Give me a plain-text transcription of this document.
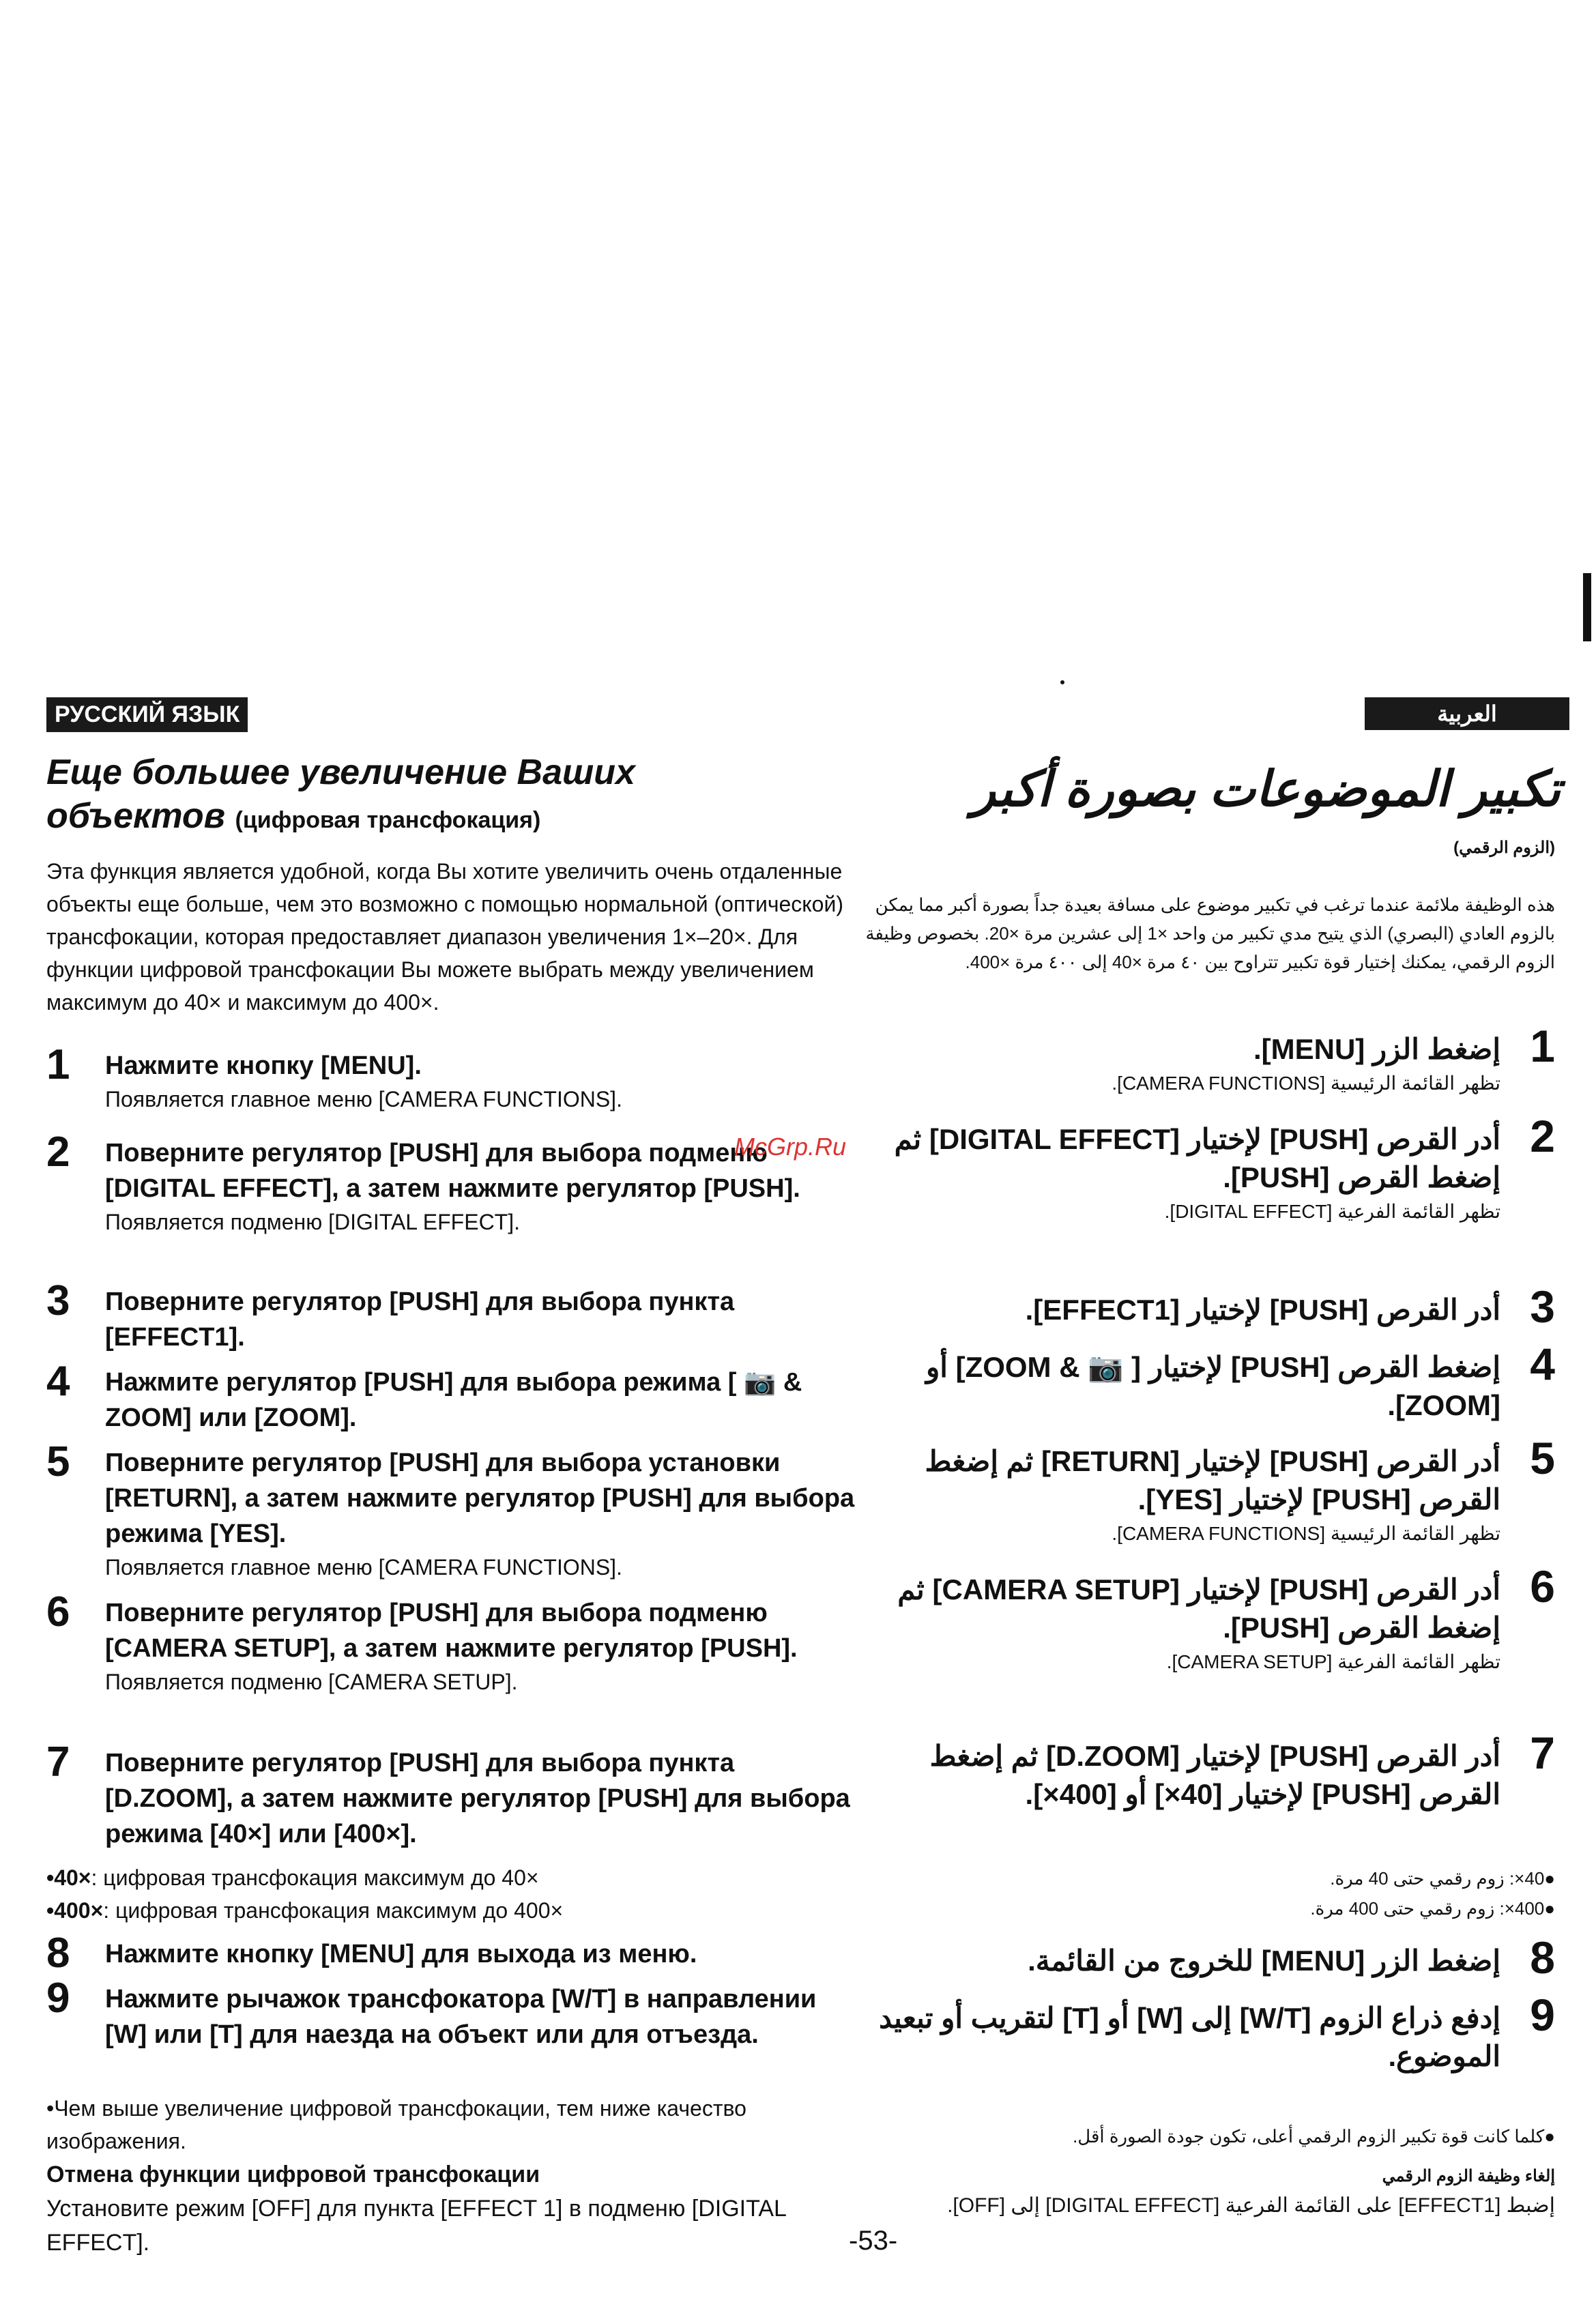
РУССКИЙ ЯЗЫК
Еще большее увеличение Ваших
объектов (цифровая трансфокация)
Эта функция является удобной, когда Вы хотите увеличить очень отдаленные объекты еще больше, чем это возможно с помощью нормальной (оптической) трансфокации, которая предоставляет диапазон увеличения 1×–20×. Для функции цифровой трансфокации Вы можете выбрать между увеличением максимум до 40× и максимум до 400×.
1 Нажмите кнопку [MENU].
Появляется главное меню [CAMERA FUNCTIONS].
2 Поверните регулятор [PUSH] для выбора подменю [DIGITAL EFFECT], а затем нажмите регулятор [PUSH].
Появляется подменю [DIGITAL EFFECT].
3 Поверните регулятор [PUSH] для выбора пункта [EFFECT1].
4 Нажмите регулятор [PUSH] для выбора режима [ 📷 & ZOOM] или [ZOOM].
5 Поверните регулятор [PUSH] для выбора установки [RETURN], а затем нажмите регулятор [PUSH] для выбора режима [YES].
Появляется главное меню [CAMERA FUNCTIONS].
6 Поверните регулятор [PUSH] для выбора подменю [CAMERA SETUP], а затем нажмите регулятор [PUSH].
Появляется подменю [CAMERA SETUP].
7 Поверните регулятор [PUSH] для выбора пункта [D.ZOOM], а затем нажмите регулятор [PUSH] для выбора режима [40×] или [400×].
•40×: цифровая трансфокация максимум до 40×
•400×: цифровая трансфокация максимум до 400×
8 Нажмите кнопку [MENU] для выхода из меню.
9 Нажмите рычажок трансфокатора [W/T] в направлении [W] или [T] для наезда на объект или для отъезда.
•Чем выше увеличение цифровой трансфокации, тем ниже качество изображения.
Отмена функции цифровой трансфокации
Установите режим [OFF] для пункта [EFFECT 1] в подменю [DIGITAL EFFECT].
McGrp.Ru
-53-
العربية
تكبير الموضوعات بصورة أكبر
(الزوم الرقمي)
هذه الوظيفة ملائمة عندما ترغب في تكبير موضوع على مسافة بعيدة جداً بصورة أكبر مما يمكن بالزوم العادي (البصري) الذي يتيح مدي تكبير من واحد ×1 إلى عشرين مرة ×20. بخصوص وظيفة الزوم الرقمي، يمكنك إختيار قوة تكبير تتراوح بين ٤٠ مرة ×40 إلى ٤٠٠ مرة ×400.
1
إضغط الزر [MENU].
تظهر القائمة الرئيسية [CAMERA FUNCTIONS].
2
أدر القرص [PUSH] لإختيار [DIGITAL EFFECT] ثم إضغط القرص [PUSH].
تظهر القائمة الفرعية [DIGITAL EFFECT].
3
أدر القرص [PUSH] لإختيار [EFFECT1].
4
إضغط القرص [PUSH] لإختيار [ 📷 & ZOOM] أو [ZOOM].
5
أدر القرص [PUSH] لإختيار [RETURN] ثم إضغط القرص [PUSH] لإختيار [YES].
تظهر القائمة الرئيسية [CAMERA FUNCTIONS].
6
أدر القرص [PUSH] لإختيار [CAMERA SETUP] ثم إضغط القرص [PUSH].
تظهر القائمة الفرعية [CAMERA SETUP].
7
أدر القرص [PUSH] لإختيار [D.ZOOM] ثم إضغط القرص [PUSH] لإختيار [40×] أو [400×].
●40×: زوم رقمي حتى 40 مرة.
●400×: زوم رقمي حتى 400 مرة.
8
إضغط الزر [MENU] للخروج من القائمة.
9
إدفع ذراع الزوم [W/T] إلى [W] أو [T] لتقريب أو تبعيد الموضوع.
●كلما كانت قوة تكبير الزوم الرقمي أعلى، تكون جودة الصورة أقل.
إلغاء وظيفة الزوم الرقمي
إضبط [EFFECT1] على القائمة الفرعية [DIGITAL EFFECT] إلى [OFF].
